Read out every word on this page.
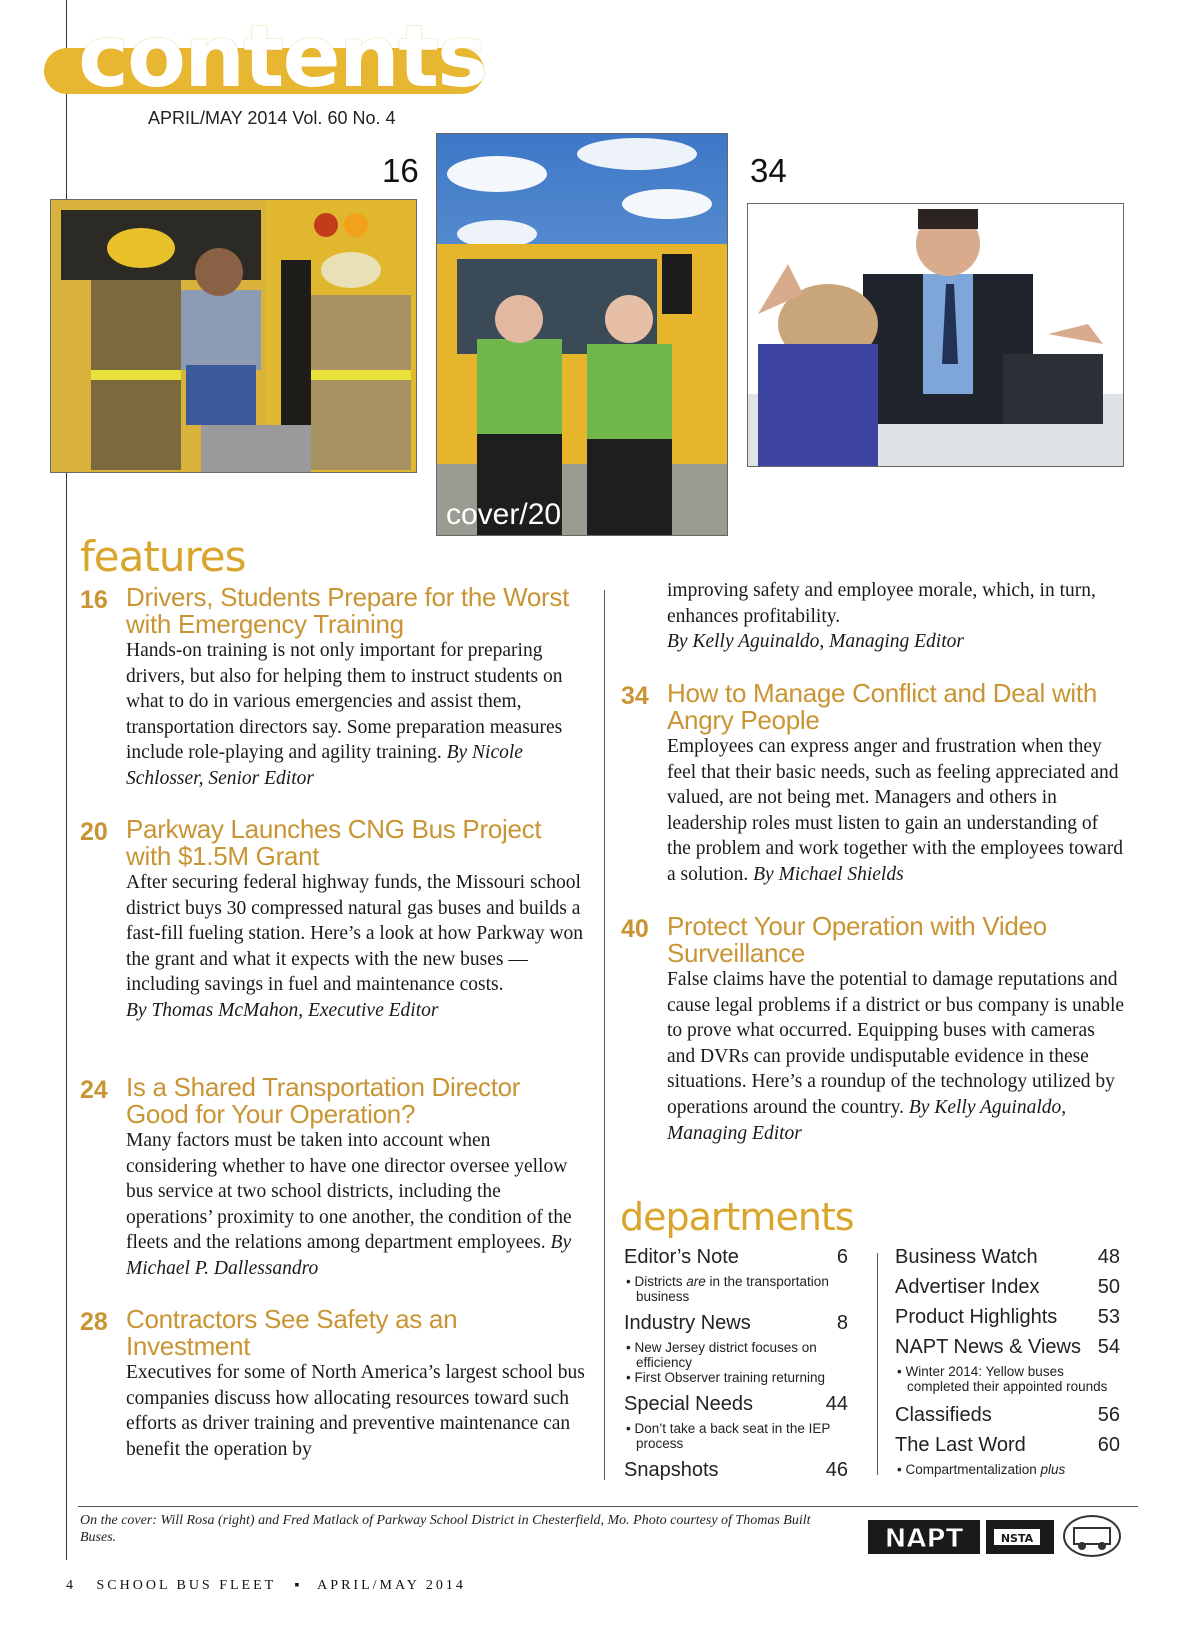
contents
APRIL/MAY 2014 Vol. 60 No. 4
16	34
cover/20
features
16 Drivers, Students Prepare for the Worst with Emergency Training
Hands-on training is not only important for preparing drivers, but also for helping them to instruct students on what to do in various emergencies and assist them, transportation directors say. Some preparation measures include role-playing and agility training. By Nicole Schlosser, Senior Editor
20 Parkway Launches CNG Bus Project with $1.5M Grant
After securing federal highway funds, the Missouri school district buys 30 compressed natural gas buses and builds a fast-fill fueling station. Here’s a look at how Parkway won the grant and what it expects with the new buses — including savings in fuel and maintenance costs.
By Thomas McMahon, Executive Editor
24 Is a Shared Transportation Director Good for Your Operation?
Many factors must be taken into account when considering whether to have one director oversee yellow bus service at two school districts, including the operations’ proximity to one another, the condition of the fleets and the relations among department employees. By Michael P. Dallessandro
28 Contractors See Safety as an Investment
Executives for some of North America’s largest school bus companies discuss how allocating resources toward such efforts as driver training and preventive maintenance can benefit the operation by
improving safety and employee morale, which, in turn, enhances profitability.
By Kelly Aguinaldo, Managing Editor
34 How to Manage Conflict and Deal with Angry People
Employees can express anger and frustration when they feel that their basic needs, such as feeling appreciated and valued, are not being met. Managers and others in leadership roles must listen to gain an understanding of the problem and work together with the employees toward a solution. By Michael Shields
40 Protect Your Operation with Video Surveillance
False claims have the potential to damage reputations and cause legal problems if a district or bus company is unable to prove what occurred. Equipping buses with cameras and DVRs can provide undisputable evidence in these situations. Here’s a roundup of the technology utilized by operations around the country. By Kelly Aguinaldo, Managing Editor
departments
Editor’s Note	6
• Districts are in the transportation business
Industry News	8
• New Jersey district focuses on efficiency
• First Observer training returning
Special Needs	44
• Don’t take a back seat in the IEP process
Snapshots	46
Business Watch	48
Advertiser Index	50
Product Highlights 53
NAPT News & Views 54
• Winter 2014: Yellow buses completed their appointed rounds
Classifieds	56
The Last Word	60
• Compartmentalization plus
On the cover: Will Rosa (right) and Fred Matlack of Parkway School District in Chesterfield, Mo. Photo courtesy of Thomas Built Buses.	NAPT	NSTA
4 SCHOOL BUS FLEET ▪ APRIL/MAY 2014
